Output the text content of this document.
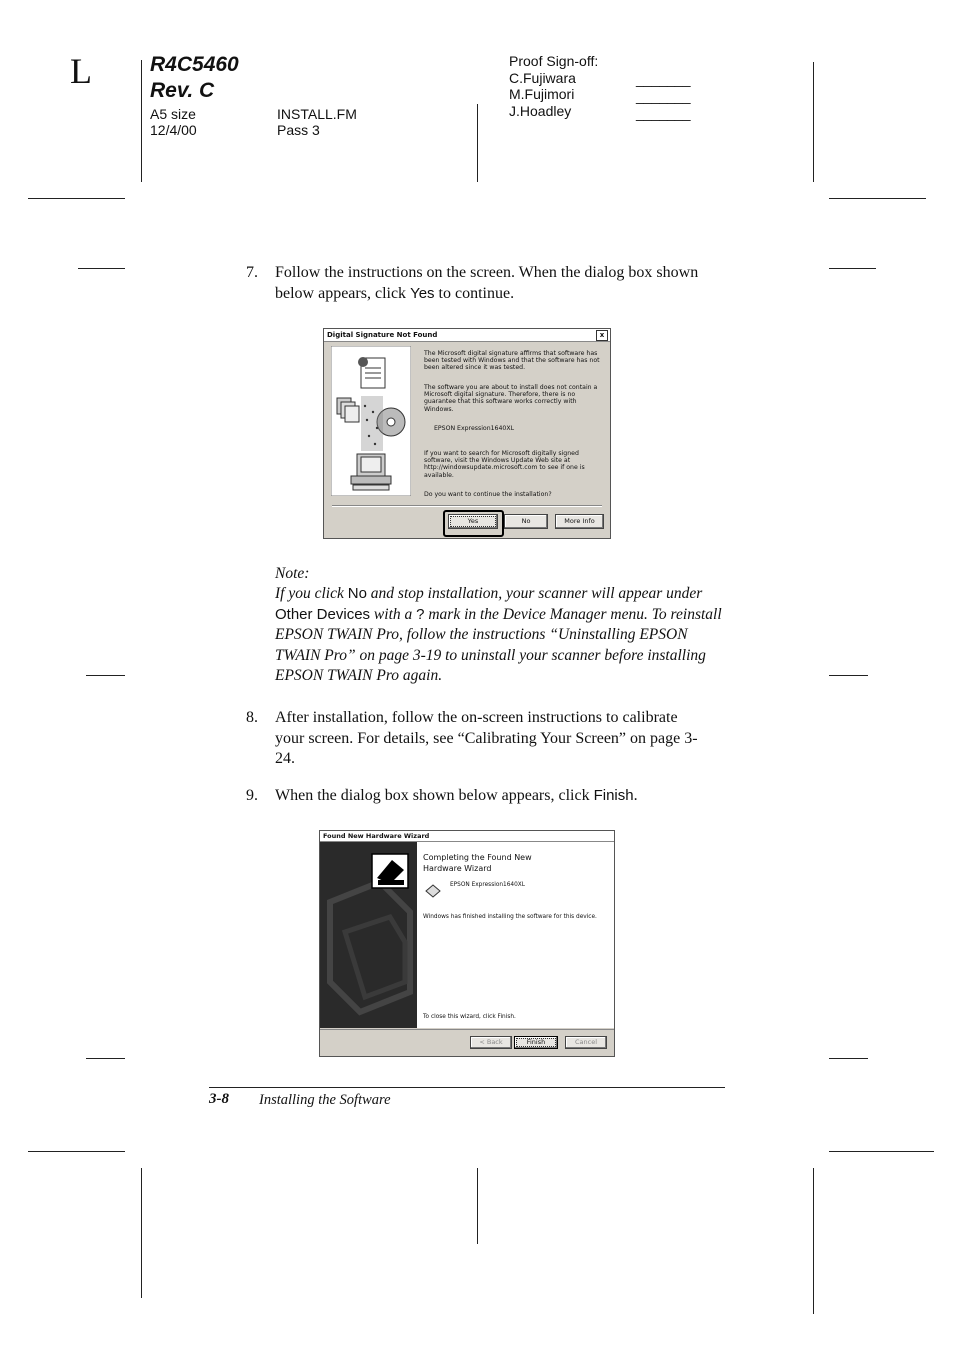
L	R4C5460
Rev. C
A5 size
12/4/00
INSTALL.FM
Pass 3
Proof Sign-off:
C.Fujiwara
M.Fujimori
J.Hoadley
_______
_______
_______
7. Follow the instructions on the screen. When the dialog box shown below appears, click Yes to continue.
Digital Signature Not Found	x
The Microsoft digital signature affirms that software has been tested with Windows and that the software has not been altered since it was tested.
The software you are about to install does not contain a Microsoft digital signature. Therefore, there is no guarantee that this software works correctly with Windows.
EPSON Expression1640XL
If you want to search for Microsoft digitally signed software, visit the Windows Update Web site at http://windowsupdate.microsoft.com to see if one is available.
Do you want to continue the installation?
Yes	No	More Info
Note:
If you click No and stop installation, your scanner will appear under Other Devices with a ? mark in the Device Manager menu. To reinstall EPSON TWAIN Pro, follow the instructions “Uninstalling EPSON TWAIN Pro” on page 3-19 to uninstall your scanner before installing EPSON TWAIN Pro again.
8. After installation, follow the on-screen instructions to calibrate your screen. For details, see “Calibrating Your Screen” on page 3-24.
9. When the dialog box shown below appears, click Finish.
Found New Hardware Wizard
Completing the Found New Hardware Wizard
EPSON Expression1640XL
Windows has finished installing the software for this device.
To close this wizard, click Finish.
< Back	Finish	Cancel
3-8 Installing the Software
